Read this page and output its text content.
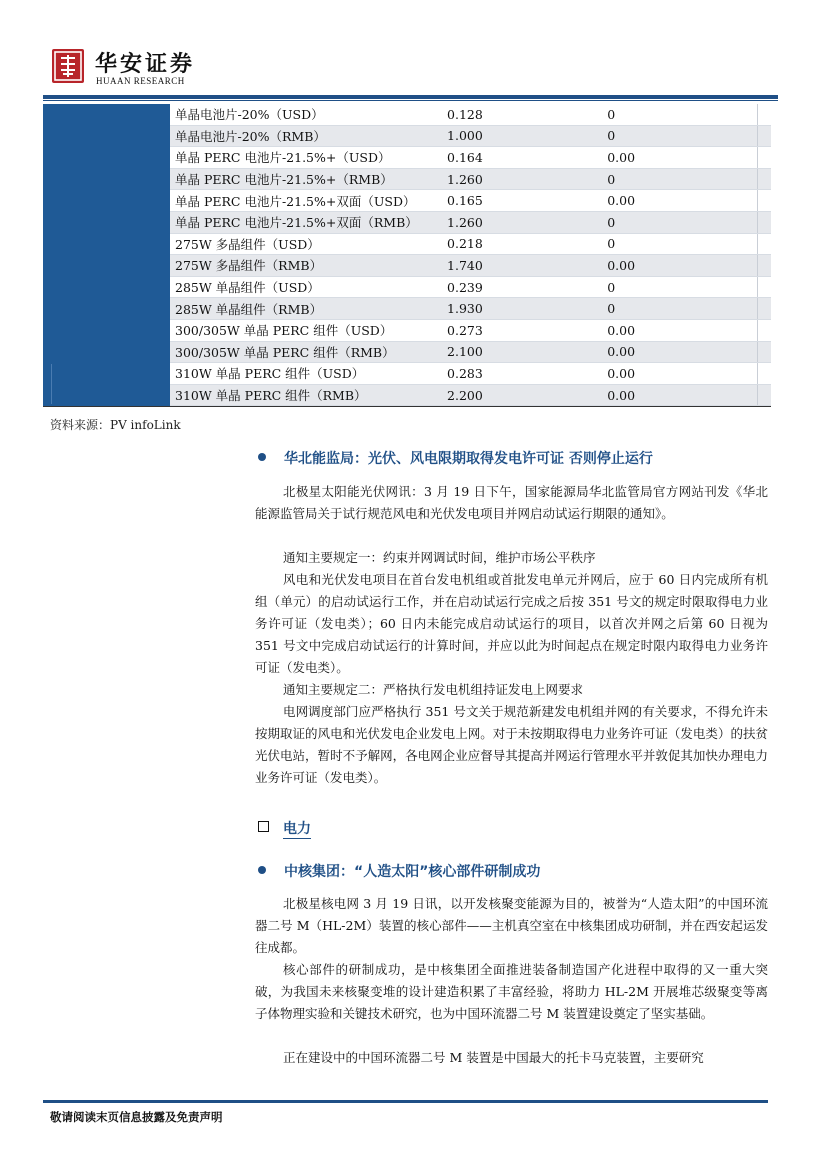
华安证券
HUAAN RESEARCH
单晶电池片-20%（USD）	0.128	0	
单晶电池片-20%（RMB）	1.000	0	
单晶 PERC 电池片-21.5%+（USD）	0.164	0.00	
单晶 PERC 电池片-21.5%+（RMB）	1.260	0	
单晶 PERC 电池片-21.5%+双面（USD）	0.165	0.00	
单晶 PERC 电池片-21.5%+双面（RMB）	1.260	0	
275W 多晶组件（USD）	0.218	0	
275W 多晶组件（RMB）	1.740	0.00	
285W 单晶组件（USD）	0.239	0	
285W 单晶组件（RMB）	1.930	0	
300/305W 单晶 PERC 组件（USD）	0.273	0.00	
300/305W 单晶 PERC 组件（RMB）	2.100	0.00	
310W 单晶 PERC 组件（USD）	0.283	0.00	
310W 单晶 PERC 组件（RMB）	2.200	0.00	
资料来源：PV infoLink
华北能监局：光伏、风电限期取得发电许可证 否则停止运行
北极星太阳能光伏网讯：3 月 19 日下午，国家能源局华北监管局官方网站刊发《华北能源监管局关于试行规范风电和光伏发电项目并网启动试运行期限的通知》。
通知主要规定一：约束并网调试时间，维护市场公平秩序
风电和光伏发电项目在首台发电机组或首批发电单元并网后，应于 60 日内完成所有机组（单元）的启动试运行工作，并在启动试运行完成之后按 351 号文的规定时限取得电力业务许可证（发电类）；60 日内未能完成启动试运行的项目，以首次并网之后第 60 日视为 351 号文中完成启动试运行的计算时间，并应以此为时间起点在规定时限内取得电力业务许可证（发电类）。
通知主要规定二：严格执行发电机组持证发电上网要求
电网调度部门应严格执行 351 号文关于规范新建发电机组并网的有关要求，不得允许未按期取证的风电和光伏发电企业发电上网。对于未按期取得电力业务许可证（发电类）的扶贫光伏电站，暂时不予解网，各电网企业应督导其提高并网运行管理水平并敦促其加快办理电力业务许可证（发电类）。
电力
中核集团：“人造太阳”核心部件研制成功
北极星核电网 3 月 19 日讯，以开发核聚变能源为目的，被誉为“人造太阳”的中国环流器二号 M（HL-2M）装置的核心部件——主机真空室在中核集团成功研制，并在西安起运发往成都。
核心部件的研制成功，是中核集团全面推进装备制造国产化进程中取得的又一重大突破，为我国未来核聚变堆的设计建造积累了丰富经验，将助力 HL-2M 开展堆芯级聚变等离子体物理实验和关键技术研究，也为中国环流器二号 M 装置建设奠定了坚实基础。
正在建设中的中国环流器二号 M 装置是中国最大的托卡马克装置，主要研究
敬请阅读末页信息披露及免责声明
